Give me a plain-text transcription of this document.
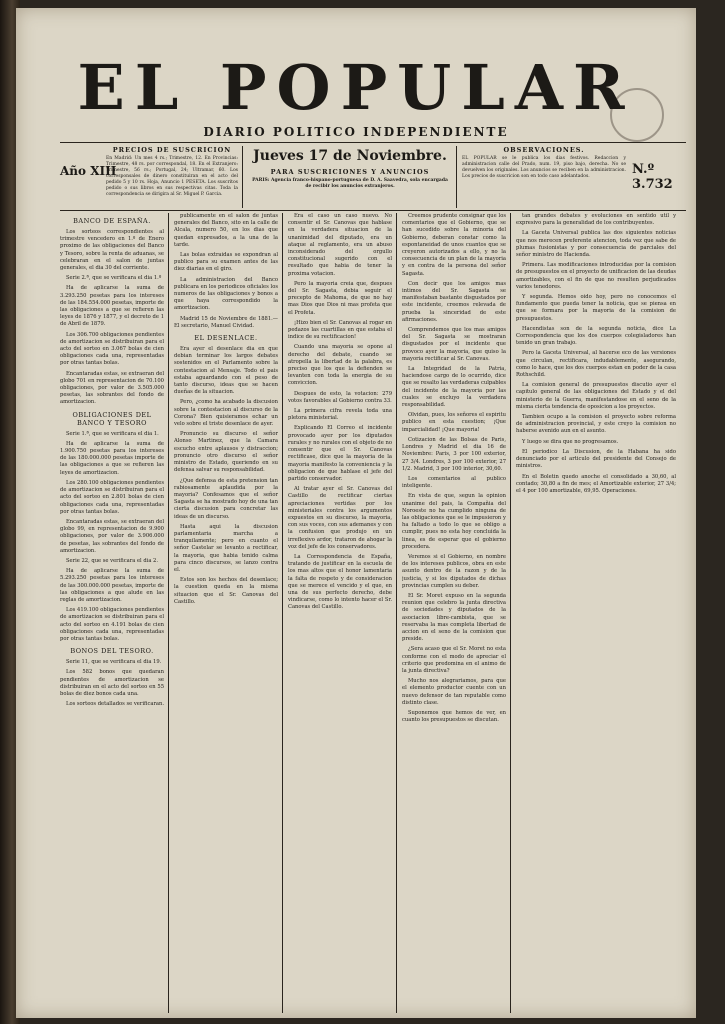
EL POPULAR
DIARIO POLITICO INDEPENDIENTE
Año XIII
PRECIOS DE SUSCRICION
En Madrid: Un mes 4 rs.; Trimestre, 12. En Provincias: Trimestre, 48 rs. por correspondal, 18. En el Extranjero: Trimestre, 56 rs.; Portugal, 24; Ultramar, 60. Los corresponsales de dinero constituiran en el acto del pedido 5 y 10 rs. Hoja, Anuncio 1 PESETA. Los suscritos pedido o sus libros en sus respectivas citas. Toda la correspondencia se dirigira al Sr. Miguel P. Garcia.
Jueves 17 de Noviembre.
PARA SUSCRICIONES Y ANUNCIOS
PARIS: Agencia franco-hispano-portuguesa de D. A. Saavedra, sola encargada de recibir los anuncios extranjeros.
OBSERVACIONES.
EL POPULAR se le publica los dias festivos. Redaccion y administracion calle del Prado, num. 19, piso bajo, derecha. No se devuelven los originales. Los anuncios se reciben en la administracion. Los precios de suscricion son en todo caso adelantados.	N.º 3.732
BANCO DE ESPAÑA.

Los sorteos correspondientes al trimestre vencedero en 1.º de Enero proximo de las obligaciones del Banco y Tesoro, sobre la renta de aduanas, se celebraran en el salon de juntas generales, el dia 30 del corriente.

Serie 2.ª, que se verificara el dia 1.º

Ha de aplicarse la suma de 3.293.250 pesetas para los intereses de las 184.554.000 pesetas, importe de las obligaciones a que se refieren las leyes de 1876 y 1877, y el decreto de 1 de Abril de 1879.

Los 306.700 obligaciones pendientes de amortizacion se distribuiran para el acto del sorteo en 3.067 bolas de cien obligaciones cada una, representadas por otras tantas bolas.

Encantaradas estas, se extraeran del globo 701 en representacion de 70.100 obligaciones, por valor de 3.505.000 pesetas, las sobrantes del fondo de amortizacion.

OBLIGACIONES DEL BANCO Y TESORO

Serie 1.ª, que se verificara el dia 1.

Ha de aplicarse la suma de 1.900.750 pesetas para los intereses de las 180.000.000 pesetas importe de las obligaciones a que se refieren las leyes de amortizacion.

Los 280.100 obligaciones pendientes de amortizacion se distribuiran para el acto del sorteo en 2.801 bolas de cien obligaciones cada una, representadas por otras tantas bolas.

Encantaradas estas, se extraeran del globo 99, en representacion de 9.900 obligaciones, por valor de 3.906.000 de pesetas, las sobrantes del fondo de amortizacion.

Serie 22, que se verificara el dia 2.

Ha de aplicarse la suma de 5.293.250 pesetas para los intereses de las 300.000.000 pesetas, importe de las obligaciones a que alude en las reglas de amortizacion.

Los 419.100 obligaciones pendientes de amortizacion se distribuiran para el acto del sorteo en 4.191 bolas de cien obligaciones cada una, representadas por otras tantas bolas.

BONOS DEL TESORO.

Serie 11, que se verificara el dia 19.

Los 582 bonos que quedaran pendientes de amortizacion se distribuiran en el acto del sorteo en 55 bolas de diez bonos cada una.

Los sorteos detallados se verificaran.

publicamente en el salon de juntas generales del Banco, sito en la calle de Alcala, numero 50, en los dias que quedan expresados, a la una de la tarde.

Las bolas extraidas se expondran al publico para su examen antes de las diez diarias en el giro.

La administracion del Banco publicara en los periodicos oficiales los numeros de las obligaciones y bonos a que haya correspondido la amortizacion.

Madrid 15 de Noviembre de 1881.—El secretario, Manuel Cividad.

EL DESENLACE.

Era ayer el desenlace dia en que debian terminar los largos debates sostenidos en el Parlamento sobre la contestacion al Mensaje. Todo el pais estaba aguardando con el peso de tanto discurso, ideas que se hacen dueñas de la situacion.

Pero, ¿como ha acabado la discusion sobre la contestacion al discurso de la Corona? Bien quisieramos echar un velo sobre el triste desenlace de ayer.

Pronuncio su discurso el señor Alonso Martinez, que la Camara escucho entre aplausos y distraccion; pronuncio otro discurso el señor ministro de Estado, queriendo en su defensa salvar su responsabilidad.

¿Que defensa de esta pretension tan rabiosamente aplaudida por la mayoria? Confesamos que el señor Sagasta se ha mostrado hoy de una tan cierta discusion para concretar las ideas de un discurso.

Hasta aqui la discusion parlamentaria marcha a tranquilamente; pero en cuanto el señor Castelar se levanto a rectificar, la mayoria, que habia tenido calma para cinco discursos, se lanzo contra el.

Estos son los hechos del desenlace; la cuestion queda en la misma situacion que el Sr. Canovas del Castillo.

Era el caso un caso nuevo. No consentir el Sr. Canovas que hablase en la verdadera situacion de la unanimidad del diputado, era un ataque al reglamento, era un abuso inconsiderado del orgullo constitucional sugerido con el resultado que habia de tener la proxima votacion.

Pero la mayoria creia que, despues del Sr. Sagasta, debia seguir el precepto de Mahoma, de que no hay mas Dios que Dios ni mas profeta que el Profeta.

¡Hizo bien el Sr. Canovas al rogar en pedazos las cuartillas en que estaba el indice de su rectificacion!

Cuando una mayoria se opone al derecho del debate, cuando se atropella la libertad de la palabra, es preciso que los que la defienden se levanten con toda la energia de su conviccion.

Despues de esto, la votacion: 279 votos favorables al Gobierno contra 33.

La primera cifra revela toda una pletora ministerial.

Explicando El Correo el incidente provocado ayer por los diputados rurales y no rurales con el objeto de no consentir que el Sr. Canovas rectificase, dice que la mayoria de la mayoria manifesto la conveniencia y la obligacion de que hablase el jefe del partido conservador.

Al tratar ayer el Sr. Canovas del Castillo de rectificar ciertas apreciaciones vertidas por los ministeriales contra los argumentos expuestos en su discurso, la mayoria, con sus voces, con sus ademanes y con la confusion que produjo en un irreflexivo ardor, trataron de ahogar la voz del jefe de los conservadores.

La Correspondencia de España, tratando de justificar en la escuela de los mas altos que el honor lamentaria la falta de respeto y de consideracion que se merece el vencido y el que, en una de sus perfecto derecho, debe vindicarse, como lo intento hacer el Sr. Canovas del Castillo.

Creemos prudente consignar que los comentarios que el Gobierno, que se han sucedido sobre la minoria del Gobierno, deberan constar como la espontaneidad de unos cuantos que se creyeron autorizados a ello, y no la consecuencia de un plan de la mayoria y en contra de la persona del señor Sagasta.

Con decir que los amigos mas intimos del Sr. Sagasta se manifestaban bastante disgustados por este incidente, creemos relevada de prueba la sinceridad de este afirmaciones.

Comprendemos que los mas amigos del Sr. Sagasta se mostraran disgustados por el incidente que provoco ayer la mayoria, que quiso la mayoria rectificar al Sr. Canovas.

La Integridad de la Patria, haciendose cargo de lo ocurrido, dice que se resalto las verdaderas culpables del incidente de la mayoria por las cuales se excluyo la verdadera responsabilidad.

Olvidan, pues, los señores el espiritu publico en esta cuestion; ¡Que imparcialidad! ¡Que mayoria!

Cotizacion de las Bolsas de Paris, Londres y Madrid el dia 16 de Noviembre: Paris, 3 por 100 exterior, 27 3/4. Londres, 3 por 100 exterior, 27 1/2. Madrid, 3 por 100 interior, 30,60.

Los comentarios al publico inteligente.

En vista de que, segun la opinion unanime del pais, la Compañia del Noroeste no ha cumplido ninguna de las obligaciones que se le impusieron y ha faltado a todo lo que se obligo a cumplir, pues no esta hoy concluida la linea, es de esperar que el gobierno procedera.

Veremos si el Gobierno, en nombre de los intereses publicos, obra en este asunto dentro de la razon y de la justicia, y si los diputados de dichas provincias cumplen su deber.

El Sr. Moret expuso en la segunda reunion que celebro la junta directiva de sociedades y diputados de la asociacion libre-cambista, que se reservaba la mas completa libertad de accion en el seno de la comision que preside.

¿Sera acaso que el Sr. Moret no esta conforme con el modo de apreciar el criterio que predomina en el animo de la junta directiva?

Mucho nos alegrariamos, para que el elemento productor cuente con un nuevo defensor de tan reputable como distinto clase.

Suponemos que hemos de ver, en cuanto los presupuestos se discutan.

tan grandes debates y evoluciones en sentido util y expresivo para la generalidad de los contribuyentes.

La Gaceta Universal publica las dos siguientes noticias que nos merecen preferente atencion, toda vez que sabe de plumas fusionistas y por consecuencia de parciales del señor ministro de Hacienda.

Primera. Las modificaciones introducidas por la comision de presupuestos en el proyecto de unificacion de las deudas amortizables, con el fin de que no resulten perjudicados varios tenedores.

Y segunda. Hemos oido hoy, pero no conocemos el fundamento que pueda tener la noticia, que se piensa en que se formara por la mayoria de la comision de presupuestos.

Hacendistas son de la segunda noticia, dice La Correspondencia que los dos cuerpos colegisladores han tenido un gran trabajo.

Pero la Gaceta Universal, al hacerse eco de las versiones que circulan, rectificara, indudablemente, asegurando, como lo hace, que los dos cuerpos estan en poder de la casa Rothschild.

La comision general de presupuestos discutio ayer el capitulo general de las obligaciones del Estado y el del ministerio de la Guerra, manifestandose en el seno de la misma cierta tendencia de oposicion a los proyectos.

Tambien ocupo a la comision el proyecto sobre reforma de administracion provincial, y este creyo la comision no haberse avenido aun en el asunto.

Y luego se dira que no progresamos.

El periodico La Discusion, de la Habana ha sido denunciado por el articulo del presidente del Consejo de ministros.

En el Boletin quedo anoche el consolidado a 30,60, al contado; 30,80 a fin de mes; el Amortizable exterior, 27 3/4; el 4 por 100 amortizable, 69,95. Operaciones.
